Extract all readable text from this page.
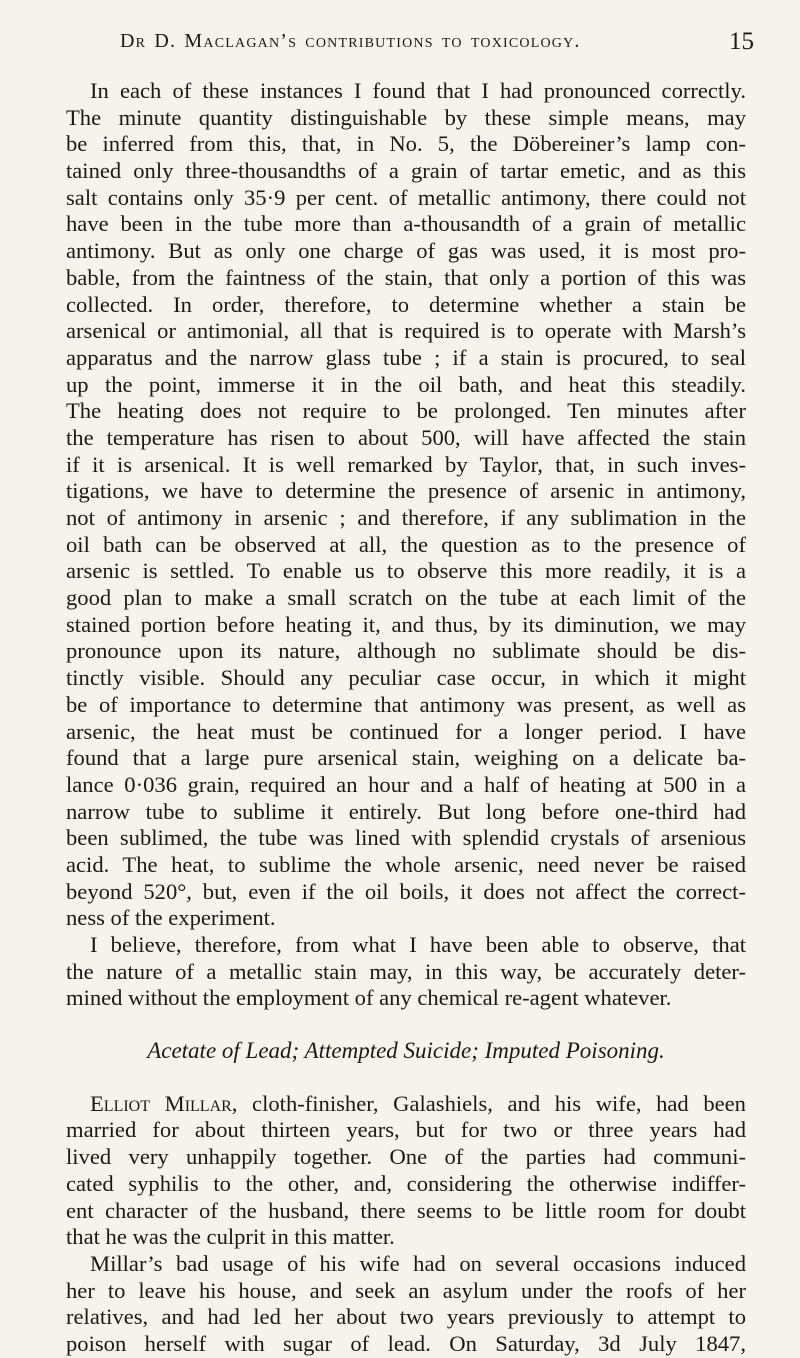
Dr D. Maclagan’s contributions to toxicology.	15
In each of these instances I found that I had pronounced correctly.
The minute quantity distinguishable by these simple means, may
be inferred from this, that, in No. 5, the Döbereiner’s lamp con-
tained only three-thousandths of a grain of tartar emetic, and as this
salt contains only 35·9 per cent. of metallic antimony, there could not
have been in the tube more than a-thousandth of a grain of metallic
antimony. But as only one charge of gas was used, it is most pro-
bable, from the faintness of the stain, that only a portion of this was
collected. In order, therefore, to determine whether a stain be
arsenical or antimonial, all that is required is to operate with Marsh’s
apparatus and the narrow glass tube ; if a stain is procured, to seal
up the point, immerse it in the oil bath, and heat this steadily.
The heating does not require to be prolonged. Ten minutes after
the temperature has risen to about 500, will have affected the stain
if it is arsenical. It is well remarked by Taylor, that, in such inves-
tigations, we have to determine the presence of arsenic in antimony,
not of antimony in arsenic ; and therefore, if any sublimation in the
oil bath can be observed at all, the question as to the presence of
arsenic is settled. To enable us to observe this more readily, it is a
good plan to make a small scratch on the tube at each limit of the
stained portion before heating it, and thus, by its diminution, we may
pronounce upon its nature, although no sublimate should be dis-
tinctly visible. Should any peculiar case occur, in which it might
be of importance to determine that antimony was present, as well as
arsenic, the heat must be continued for a longer period. I have
found that a large pure arsenical stain, weighing on a delicate ba-
lance 0·036 grain, required an hour and a half of heating at 500 in a
narrow tube to sublime it entirely. But long before one-third had
been sublimed, the tube was lined with splendid crystals of arsenious
acid. The heat, to sublime the whole arsenic, need never be raised
beyond 520°, but, even if the oil boils, it does not affect the correct-
ness of the experiment.
I believe, therefore, from what I have been able to observe, that
the nature of a metallic stain may, in this way, be accurately deter-
mined without the employment of any chemical re-agent whatever.
Acetate of Lead; Attempted Suicide; Imputed Poisoning.
Elliot Millar, cloth-finisher, Galashiels, and his wife, had been
married for about thirteen years, but for two or three years had
lived very unhappily together. One of the parties had communi-
cated syphilis to the other, and, considering the otherwise indiffer-
ent character of the husband, there seems to be little room for doubt
that he was the culprit in this matter.
Millar’s bad usage of his wife had on several occasions induced
her to leave his house, and seek an asylum under the roofs of her
relatives, and had led her about two years previously to attempt to
poison herself with sugar of lead. On Saturday, 3d July 1847,
